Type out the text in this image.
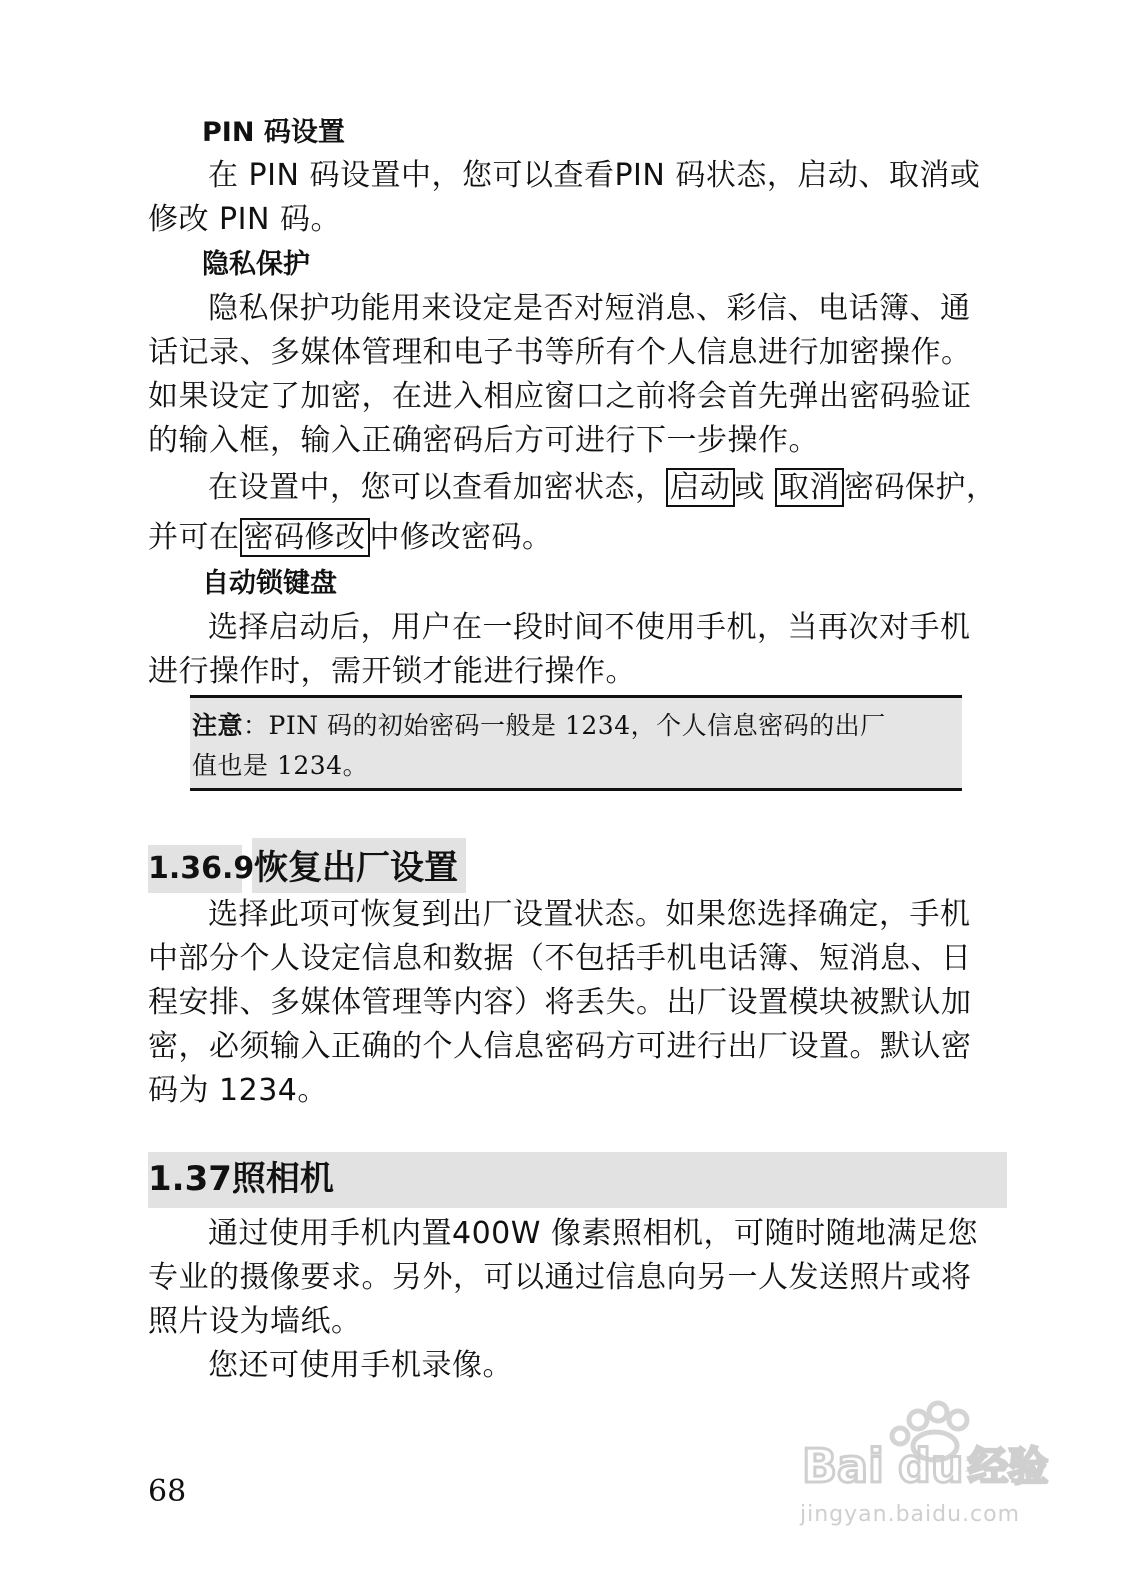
PIN 码设置
在 PIN 码设置中，您可以查看PIN 码状态，启动、取消或
修改 PIN 码。
隐私保护
隐私保护功能用来设定是否对短消息、彩信、电话簿、通
话记录、多媒体管理和电子书等所有个人信息进行加密操作。
如果设定了加密，在进入相应窗口之前将会首先弹出密码验证
的输入框，输入正确密码后方可进行下一步操作。
在设置中，您可以查看加密状态， 启动 或 取消 密码保护，
并可在 密码修改 中修改密码。
自动锁键盘
选择启动后，用户在一段时间不使用手机，当再次对手机
进行操作时，需开锁才能进行操作。
注意：PIN 码的初始密码一般是 1234，个人信息密码的出厂
值也是 1234。
1.36.9 恢复出厂设置
选择此项可恢复到出厂设置状态。如果您选择确定，手机
中部分个人设定信息和数据（不包括手机电话簿、短消息、日
程安排、多媒体管理等内容）将丢失。出厂设置模块被默认加
密，必须输入正确的个人信息密码方可进行出厂设置。默认密
码为 1234。
1.37照相机
通过使用手机内置400W 像素照相机，可随时随地满足您
专业的摄像要求。另外，可以通过信息向另一人发送照片或将
照片设为墙纸。
您还可使用手机录像。
68	Bai du 经验
jingyan.baidu.com
